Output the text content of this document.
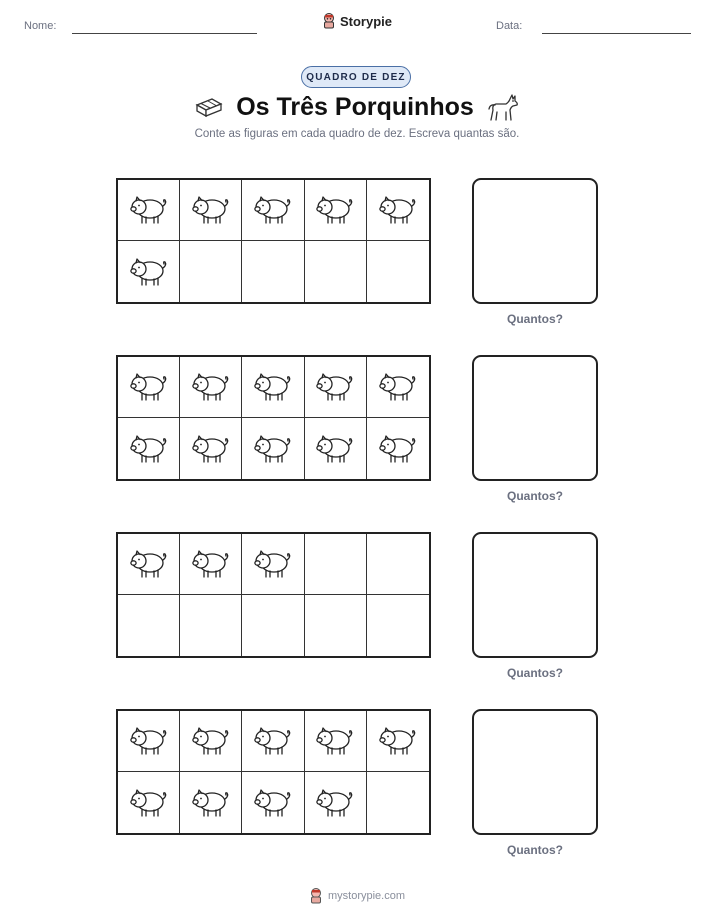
Nome:	Storypie	Data:
QUADRO DE DEZ
Os Três Porquinhos
Conte as figuras em cada quadro de dez. Escreva quantas são.
Quantos?
Quantos?
Quantos?
Quantos?
mystorypie.com
